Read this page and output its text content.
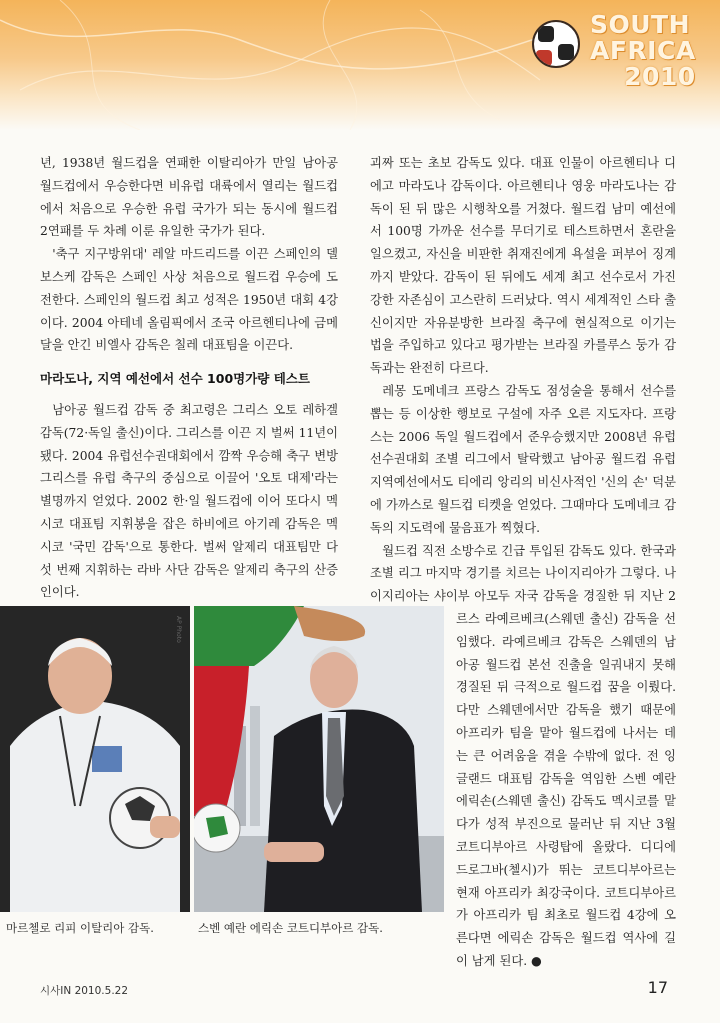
SOUTH
AFRICA
2010

년, 1938년 월드컵을 연패한 이탈리아가 만일 남아공 월드컵에서 우승한다면 비유럽 대륙에서 열리는 월드컵에서 처음으로 우승한 유럽 국가가 되는 동시에 월드컵 2연패를 두 차례 이룬 유일한 국가가 된다.

'축구 지구방위대' 레알 마드리드를 이끈 스페인의 델 보스케 감독은 스페인 사상 처음으로 월드컵 우승에 도전한다. 스페인의 월드컵 최고 성적은 1950년 대회 4강이다. 2004 아테네 올림픽에서 조국 아르헨티나에 금메달을 안긴 비엘사 감독은 칠레 대표팀을 이끈다.

마라도나, 지역 예선에서 선수 100명가량 테스트

남아공 월드컵 감독 중 최고령은 그리스 오토 레하겔 감독(72·독일 출신)이다. 그리스를 이끈 지 벌써 11년이 됐다. 2004 유럽선수권대회에서 깜짝 우승해 축구 변방 그리스를 유럽 축구의 중심으로 이끌어 '오토 대제'라는 별명까지 얻었다. 2002 한·일 월드컵에 이어 또다시 멕시코 대표팀 지휘봉을 잡은 하비에르 아기레 감독은 멕시코 '국민 감독'으로 통한다. 벌써 알제리 대표팀만 다섯 번째 지휘하는 라바 사단 감독은 알제리 축구의 산증인이다.

괴짜 또는 초보 감독도 있다. 대표 인물이 아르헨티나 디에고 마라도나 감독이다. 아르헨티나 영웅 마라도나는 감독이 된 뒤 많은 시행착오를 거쳤다. 월드컵 남미 예선에서 100명 가까운 선수를 무더기로 테스트하면서 혼란을 일으켰고, 자신을 비판한 취재진에게 욕설을 퍼부어 징계까지 받았다. 감독이 된 뒤에도 세계 최고 선수로서 가진 강한 자존심이 고스란히 드러났다. 역시 세계적인 스타 출신이지만 자유분방한 브라질 축구에 현실적으로 이기는 법을 주입하고 있다고 평가받는 브라질 카를루스 둥가 감독과는 완전히 다르다.

레몽 도메네크 프랑스 감독도 점성술을 통해서 선수를 뽑는 등 이상한 행보로 구설에 자주 오른 지도자다. 프랑스는 2006 독일 월드컵에서 준우승했지만 2008년 유럽선수권대회 조별 리그에서 탈락했고 남아공 월드컵 유럽 지역예선에서도 티에리 앙리의 비신사적인 '신의 손' 덕분에 가까스로 월드컵 티켓을 얻었다. 그때마다 도메네크 감독의 지도력에 물음표가 찍혔다.

월드컵 직전 소방수로 긴급 투입된 감독도 있다. 한국과 조별 리그 마지막 경기를 치르는 나이지리아가 그렇다. 나이지리아는 샤이부 아모두 자국 감독을 경질한 뒤 지난 2

르스 라예르베크(스웨덴 출신) 감독을 선임했다. 라예르베크 감독은 스웨덴의 남아공 월드컵 본선 진출을 일궈내지 못해 경질된 뒤 극적으로 월드컵 꿈을 이뤘다. 다만 스웨덴에서만 감독을 했기 때문에 아프리카 팀을 맡아 월드컵에 나서는 데는 큰 어려움을 겪을 수밖에 없다. 전 잉글랜드 대표팀 감독을 역임한 스벤 예란 에릭손(스웨덴 출신) 감독도 멕시코를 맡다가 성적 부진으로 물러난 뒤 지난 3월 코트디부아르 사령탑에 올랐다. 디디에 드로그바(첼시)가 뛰는 코트디부아르는 현재 아프리카 최강국이다. 코트디부아르가 아프리카 팀 최초로 월드컵 4강에 오른다면 에릭손 감독은 월드컵 역사에 길이 남게 된다. ●

AP Photo
마르첼로 리피 이탈리아 감독.	스벤 예란 에릭손 코트디부아르 감독.
시사IN 2010.5.22	17
